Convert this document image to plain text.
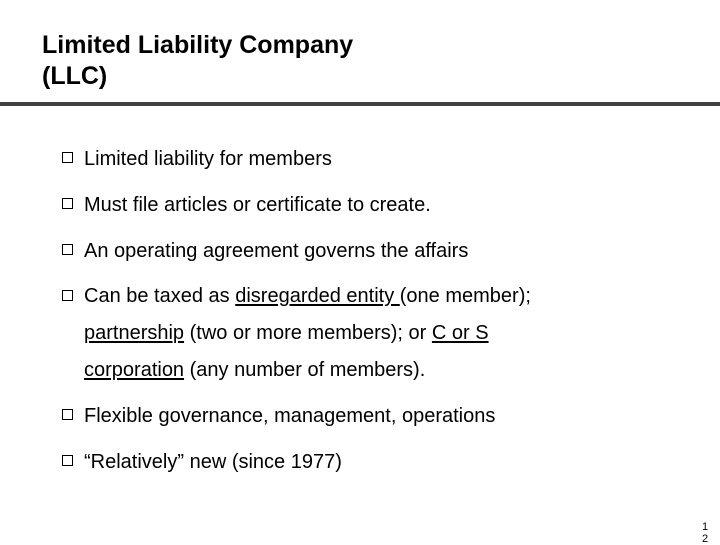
Limited Liability Company
(LLC)
Limited liability for members
Must file articles or certificate to create.
An operating agreement governs the affairs
Can be taxed as disregarded entity (one member);
partnership (two or more members); or C or S
corporation (any number of members).
Flexible governance, management, operations
“Relatively” new (since 1977)
1
2
